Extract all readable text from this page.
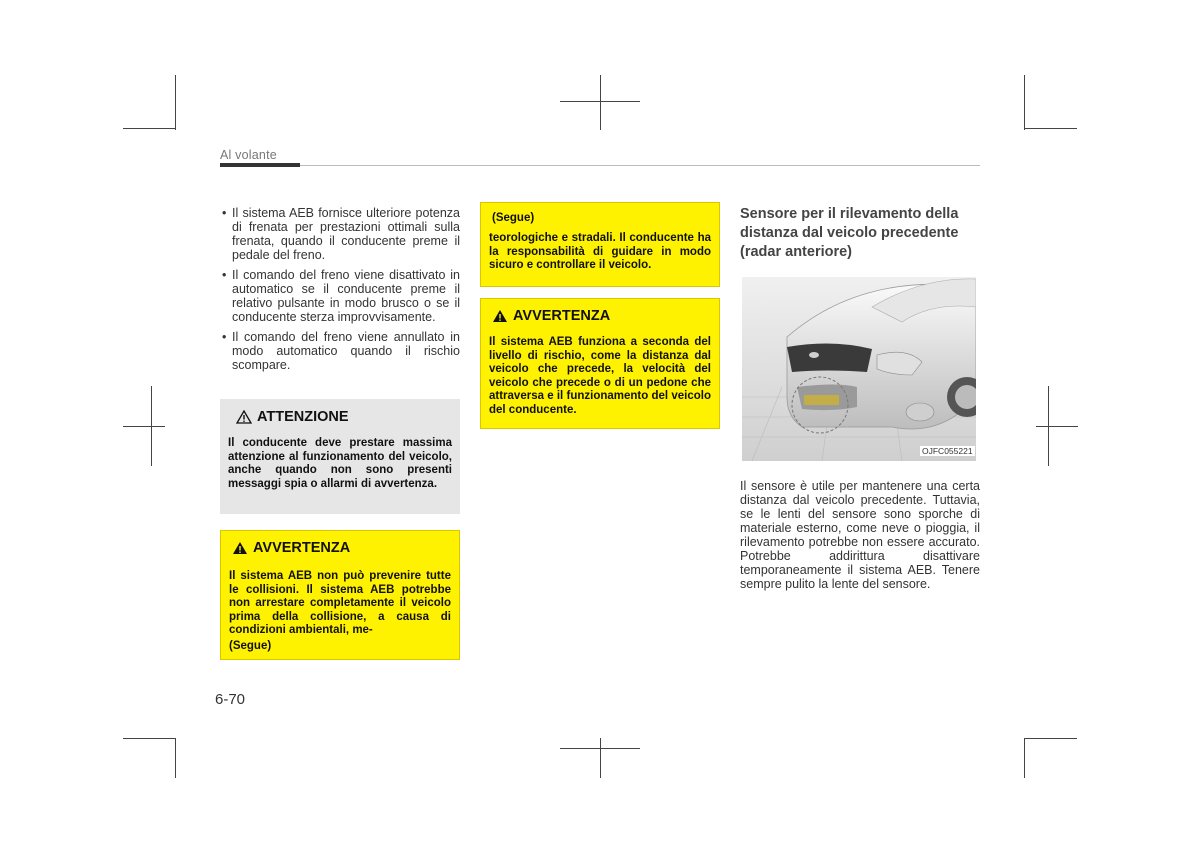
Al volante
• Il sistema AEB fornisce ulteriore potenza di frenata per prestazioni ottimali sulla frenata, quando il conducente preme il pedale del freno.
• Il comando del freno viene disattivato in automatico se il conducente preme il relativo pulsante in modo brusco o se il conducente sterza improvvisamente.
• Il comando del freno viene annullato in modo automatico quando il rischio scompare.
ATTENZIONE
Il conducente deve prestare massima attenzione al funzionamento del veicolo, anche quando non sono presenti messaggi spia o allarmi di avvertenza.
AVVERTENZA
Il sistema AEB non può prevenire tutte le collisioni. Il sistema AEB potrebbe non arrestare completamente il veicolo prima della collisione, a causa di condizioni ambientali, me-
(Segue)
(Segue)
teorologiche e stradali. Il conducente ha la responsabilità di guidare in modo sicuro e controllare il veicolo.
AVVERTENZA
Il sistema AEB funziona a seconda del livello di rischio, come la distanza dal veicolo che precede, la velocità del veicolo che precede o di un pedone che attraversa e il funzionamento del veicolo del conducente.
Sensore per il rilevamento della distanza dal veicolo precedente (radar anteriore)
OJFC055221
Il sensore è utile per mantenere una certa distanza dal veicolo precedente. Tuttavia, se le lenti del sensore sono sporche di materiale esterno, come neve o pioggia, il rilevamento potrebbe non essere accurato. Potrebbe addirittura disattivare temporaneamente il sistema AEB. Tenere sempre pulito la lente del sensore.
6-70
